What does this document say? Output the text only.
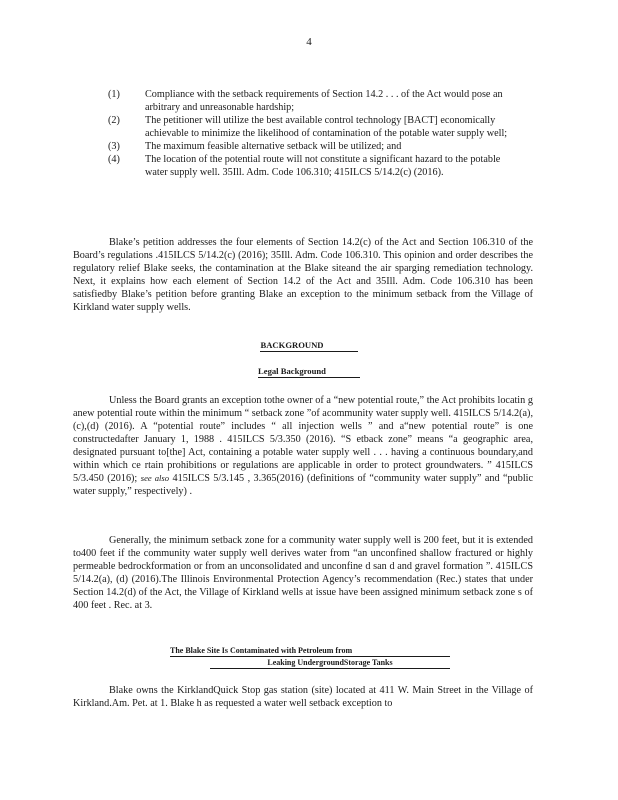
4
(1)	Compliance with the setback requirements of Section 14.2 . . . of the Act would pose an arbitrary and unreasonable hardship;
(2)	The petitioner will utilize the best available control technology [BACT] economically achievable to minimize the likelihood of contamination of the potable water supply well;
(3)	The maximum feasible alternative setback will be utilized; and
(4)	The location of the potential route will not constitute a significant hazard to the potable water supply well. 35Ill. Adm. Code 106.310; 415ILCS 5/14.2(c) (2016).
Blake’s petition addresses the four elements of Section 14.2(c) of the Act and Section 106.310 of the Board’s regulations .415ILCS 5/14.2(c) (2016); 35Ill. Adm. Code 106.310. This opinion and order describes the regulatory relief Blake seeks, the contamination at the Blake siteand the air sparging remediation technology. Next, it explains how each element of Section 14.2 of the Act and 35Ill. Adm. Code 106.310 has been satisfiedby Blake’s petition before granting Blake an exception to the minimum setback from the Village of Kirkland water supply wells.
BACKGROUND
Legal Background
Unless the Board grants an exception tothe owner of a “new potential route,” the Act prohibits locatin g anew potential route within the minimum “ setback zone ”of acommunity water supply well. 415ILCS 5/14.2(a),(c),(d) (2016). A “potential route” includes “ all injection wells ” and a“new potential route” is one constructedafter January 1, 1988 . 415ILCS 5/3.350 (2016). “S etback zone” means “a geographic area, designated pursuant to[the] Act, containing a potable water supply well . . . having a continuous boundary,and within which ce rtain prohibitions or regulations are applicable in order to protect groundwaters. ” 415ILCS 5/3.450 (2016); see also 415ILCS 5/3.145 , 3.365(2016) (definitions of “community water supply” and “public water supply,” respectively) .
Generally, the minimum setback zone for a community water supply well is 200 feet, but it is extended to400 feet if the community water supply well derives water from “an unconfined shallow fractured or highly permeable bedrockformation or from an unconsolidated and unconfine d san d and gravel formation ”. 415ILCS 5/14.2(a), (d) (2016).The Illinois Environmental Protection Agency’s recommendation (Rec.) states that under Section 14.2(d) of the Act, the Village of Kirkland wells at issue have been assigned minimum setback zone s of 400 feet . Rec. at 3.
The Blake Site Is Contaminated with Petroleum from
Leaking UndergroundStorage Tanks
Blake owns the KirklandQuick Stop gas station (site) located at 411 W. Main Street in the Village of Kirkland.Am. Pet. at 1. Blake h as requested a water well setback exception to
